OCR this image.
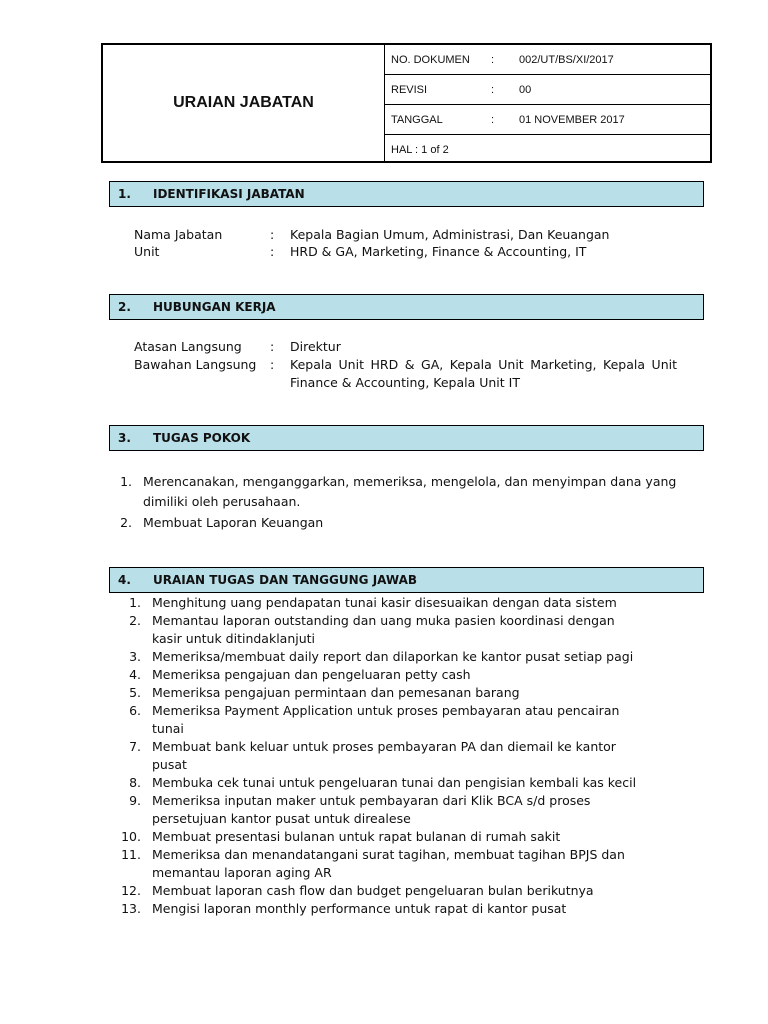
URAIAN JABATAN
NO. DOKUMEN : 002/UT/BS/XI/2017
REVISI	: 00
TANGGAL	: 01 NOVEMBER 2017
HAL : 1 of 2
1. IDENTIFIKASI JABATAN
Nama Jabatan	: Kepala Bagian Umum, Administrasi, Dan Keuangan
Unit	: HRD & GA, Marketing, Finance & Accounting, IT
2. HUBUNGAN KERJA
Atasan Langsung : Direktur
Bawahan Langsung : Kepala Unit HRD & GA, Kepala Unit Marketing, Kepala Unit Finance & Accounting, Kepala Unit IT
3. TUGAS POKOK
1. Merencanakan, menganggarkan, memeriksa, mengelola, dan menyimpan dana yang
dimiliki oleh perusahaan.
2. Membuat Laporan Keuangan
4. URAIAN TUGAS DAN TANGGUNG JAWAB
1. Menghitung uang pendapatan tunai kasir disesuaikan dengan data sistem
2. Memantau laporan outstanding dan uang muka pasien koordinasi dengan
kasir untuk ditindaklanjuti
3. Memeriksa/membuat daily report dan dilaporkan ke kantor pusat setiap pagi
4. Memeriksa pengajuan dan pengeluaran petty cash
5. Memeriksa pengajuan permintaan dan pemesanan barang
6. Memeriksa Payment Application untuk proses pembayaran atau pencairan
tunai
7. Membuat bank keluar untuk proses pembayaran PA dan diemail ke kantor
pusat
8. Membuka cek tunai untuk pengeluaran tunai dan pengisian kembali kas kecil
9. Memeriksa inputan maker untuk pembayaran dari Klik BCA s/d proses
persetujuan kantor pusat untuk direalese
10. Membuat presentasi bulanan untuk rapat bulanan di rumah sakit
11. Memeriksa dan menandatangani surat tagihan, membuat tagihan BPJS dan
memantau laporan aging AR
12. Membuat laporan cash flow dan budget pengeluaran bulan berikutnya
13. Mengisi laporan monthly performance untuk rapat di kantor pusat
